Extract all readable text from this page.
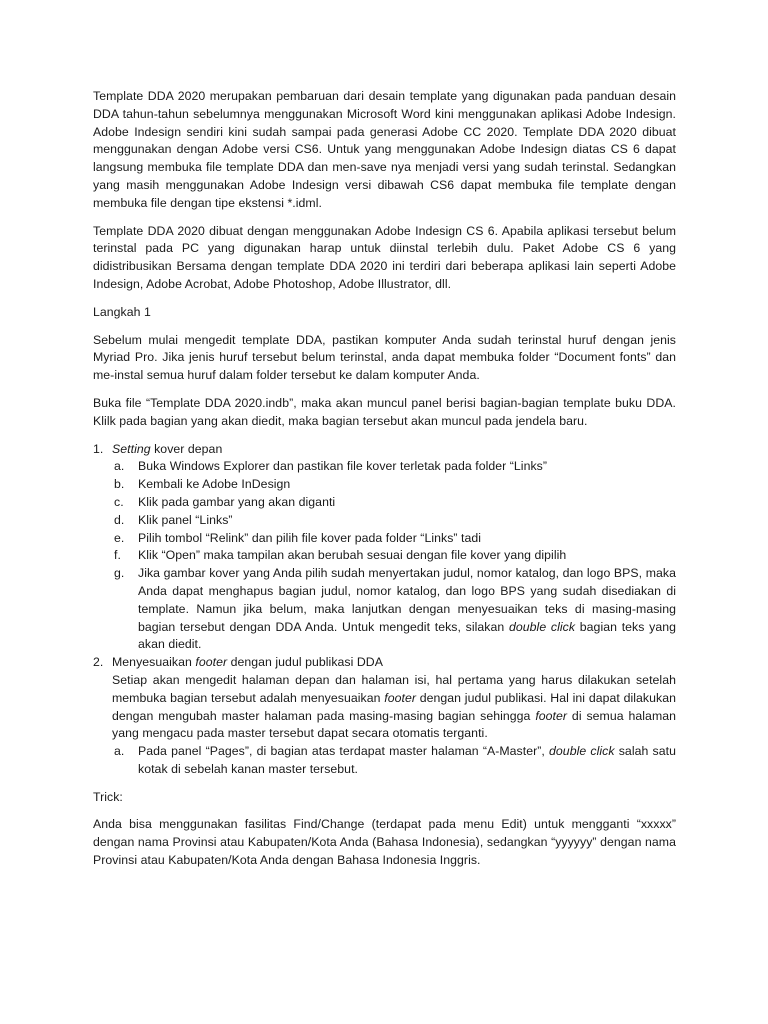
Template DDA 2020 merupakan pembaruan dari desain template yang digunakan pada panduan desain DDA tahun-tahun sebelumnya menggunakan Microsoft Word kini menggunakan aplikasi Adobe Indesign. Adobe Indesign sendiri kini sudah sampai pada generasi Adobe CC 2020. Template DDA 2020 dibuat menggunakan dengan Adobe versi CS6. Untuk yang menggunakan Adobe Indesign diatas CS 6 dapat langsung membuka file template DDA dan men-save nya menjadi versi yang sudah terinstal. Sedangkan yang masih menggunakan Adobe Indesign versi dibawah CS6 dapat membuka file template dengan membuka file dengan tipe ekstensi *.idml.

Template DDA 2020 dibuat dengan menggunakan Adobe Indesign CS 6. Apabila aplikasi tersebut belum terinstal pada PC yang digunakan harap untuk diinstal terlebih dulu. Paket Adobe CS 6 yang didistribusikan Bersama dengan template DDA 2020 ini terdiri dari beberapa aplikasi lain seperti Adobe Indesign, Adobe Acrobat, Adobe Photoshop, Adobe Illustrator, dll.

Langkah 1

Sebelum mulai mengedit template DDA, pastikan komputer Anda sudah terinstal huruf dengan jenis Myriad Pro. Jika jenis huruf tersebut belum terinstal, anda dapat membuka folder “Document fonts” dan me-instal semua huruf dalam folder tersebut ke dalam komputer Anda.

Buka file “Template DDA 2020.indb”, maka akan muncul panel berisi bagian-bagian template buku DDA. Klilk pada bagian yang akan diedit, maka bagian tersebut akan muncul pada jendela baru.

1. Setting kover depan
a. Buka Windows Explorer dan pastikan file kover terletak pada folder “Links”
b. Kembali ke Adobe InDesign
c. Klik pada gambar yang akan diganti
d. Klik panel “Links”
e. Pilih tombol “Relink” dan pilih file kover pada folder “Links” tadi
f. Klik “Open” maka tampilan akan berubah sesuai dengan file kover yang dipilih
g. Jika gambar kover yang Anda pilih sudah menyertakan judul, nomor katalog, dan logo BPS, maka Anda dapat menghapus bagian judul, nomor katalog, dan logo BPS yang sudah disediakan di template. Namun jika belum, maka lanjutkan dengan menyesuaikan teks di masing-masing bagian tersebut dengan DDA Anda. Untuk mengedit teks, silakan double click bagian teks yang akan diedit.
2. Menyesuaikan footer dengan judul publikasi DDA
Setiap akan mengedit halaman depan dan halaman isi, hal pertama yang harus dilakukan setelah membuka bagian tersebut adalah menyesuaikan footer dengan judul publikasi. Hal ini dapat dilakukan dengan mengubah master halaman pada masing-masing bagian sehingga footer di semua halaman yang mengacu pada master tersebut dapat secara otomatis terganti.
a. Pada panel “Pages”, di bagian atas terdapat master halaman “A-Master”, double click salah satu kotak di sebelah kanan master tersebut.

Trick:

Anda bisa menggunakan fasilitas Find/Change (terdapat pada menu Edit) untuk mengganti “xxxxx” dengan nama Provinsi atau Kabupaten/Kota Anda (Bahasa Indonesia), sedangkan “yyyyyy” dengan nama Provinsi atau Kabupaten/Kota Anda dengan Bahasa Indonesia Inggris.
